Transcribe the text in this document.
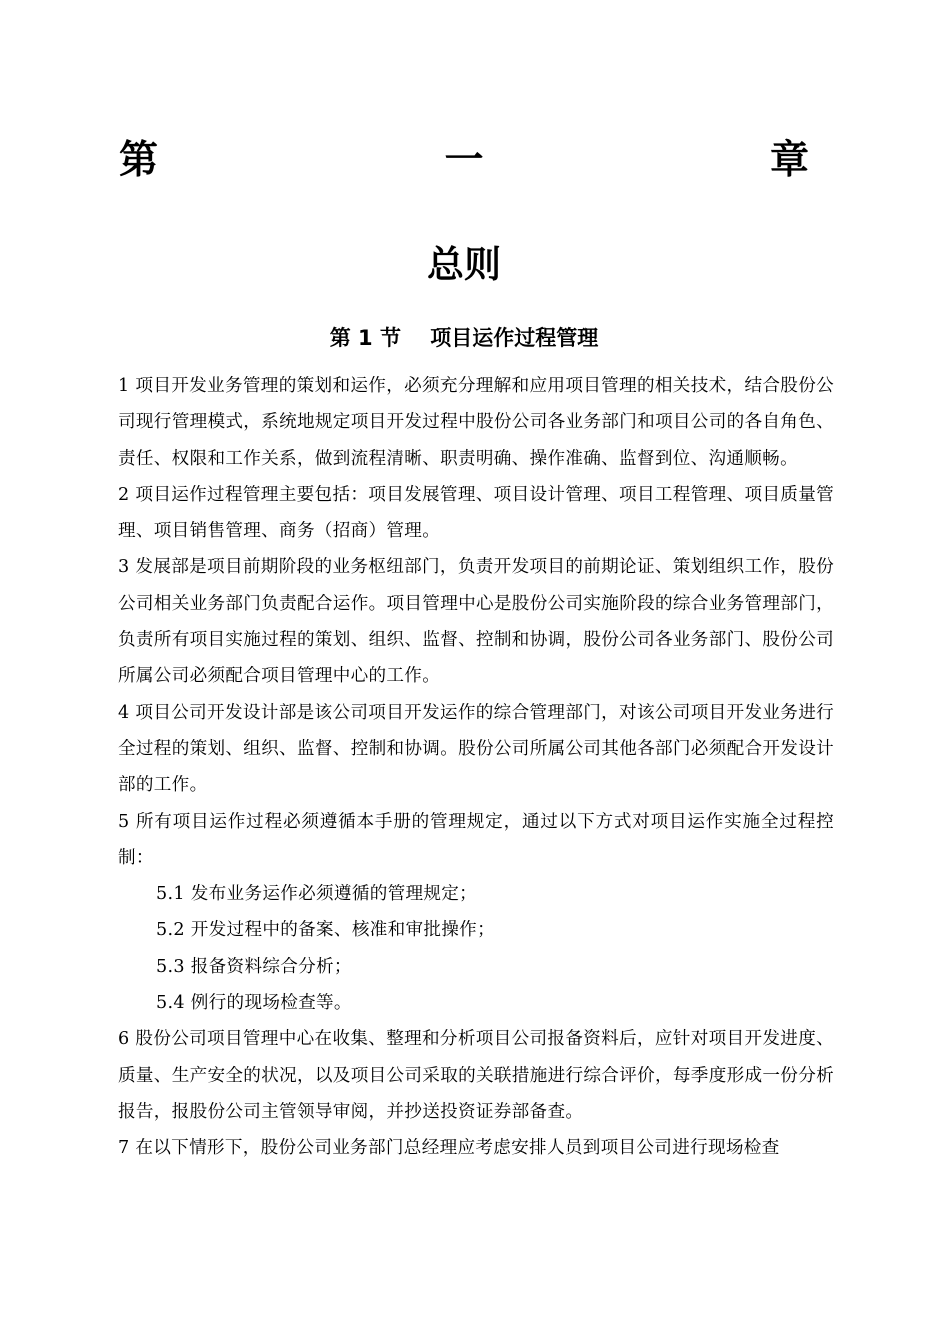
第	一	章
总则
第 1 节    项目运作过程管理

1 项目开发业务管理的策划和运作，必须充分理解和应用项目管理的相关技术，结合股份公司现行管理模式，系统地规定项目开发过程中股份公司各业务部门和项目公司的各自角色、责任、权限和工作关系，做到流程清晰、职责明确、操作准确、监督到位、沟通顺畅。

2 项目运作过程管理主要包括：项目发展管理、项目设计管理、项目工程管理、项目质量管理、项目销售管理、商务（招商）管理。

3 发展部是项目前期阶段的业务枢纽部门，负责开发项目的前期论证、策划组织工作，股份公司相关业务部门负责配合运作。项目管理中心是股份公司实施阶段的综合业务管理部门，负责所有项目实施过程的策划、组织、监督、控制和协调，股份公司各业务部门、股份公司所属公司必须配合项目管理中心的工作。

4 项目公司开发设计部是该公司项目开发运作的综合管理部门，对该公司项目开发业务进行全过程的策划、组织、监督、控制和协调。股份公司所属公司其他各部门必须配合开发设计部的工作。

5 所有项目运作过程必须遵循本手册的管理规定，通过以下方式对项目运作实施全过程控制：

5.1 发布业务运作必须遵循的管理规定；

5.2 开发过程中的备案、核准和审批操作；

5.3 报备资料综合分析；

5.4 例行的现场检查等。

6 股份公司项目管理中心在收集、整理和分析项目公司报备资料后，应针对项目开发进度、质量、生产安全的状况，以及项目公司采取的关联措施进行综合评价，每季度形成一份分析报告，报股份公司主管领导审阅，并抄送投资证券部备查。

7 在以下情形下，股份公司业务部门总经理应考虑安排人员到项目公司进行现场检查
